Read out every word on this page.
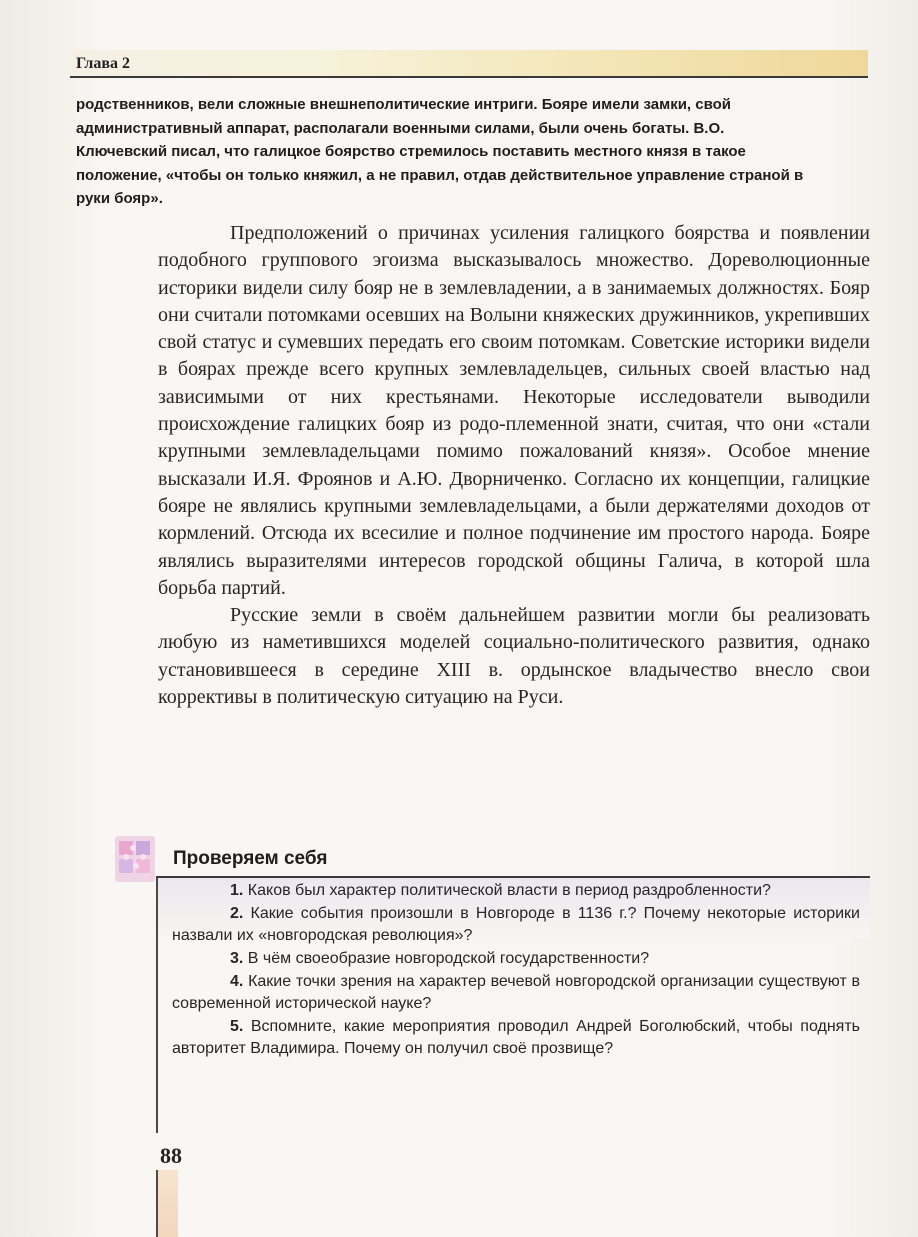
Глава 2

родственников, вели сложные внешнеполитические интриги. Бояре имели замки, свой административный аппарат, располагали военными силами, были очень богаты. В.О. Ключевский писал, что галицкое боярство стремилось поставить местного князя в такое положение, «чтобы он только княжил, а не правил, отдав действительное управление страной в руки бояр».

Предположений о причинах усиления галицкого боярства и появлении подобного группового эгоизма высказывалось множество. Дореволюционные историки видели силу бояр не в землевладении, а в занимаемых должностях. Бояр они считали потомками осевших на Волыни княжеских дружинников, укрепивших свой статус и сумевших передать его своим потомкам. Советские историки видели в боярах прежде всего крупных землевладельцев, сильных своей властью над зависимыми от них крестьянами. Некоторые исследователи выводили происхождение галицких бояр из родо-племенной знати, считая, что они «стали крупными землевладельцами помимо пожалований князя». Особое мнение высказали И.Я. Фроянов и А.Ю. Дворниченко. Согласно их концепции, галицкие бояре не являлись крупными землевладельцами, а были держателями доходов от кормлений. Отсюда их всесилие и полное подчинение им простого народа. Бояре являлись выразителями интересов городской общины Галича, в которой шла борьба партий.

Русские земли в своём дальнейшем развитии могли бы реализовать любую из наметившихся моделей социально-политического развития, однако установившееся в середине XIII в. ордынское владычество внесло свои коррективы в политическую ситуацию на Руси.

Проверяем себя

1. Каков был характер политической власти в период раздробленности?

2. Какие события произошли в Новгороде в 1136 г.? Почему некоторые историки назвали их «новгородская революция»?

3. В чём своеобразие новгородской государственности?

4. Какие точки зрения на характер вечевой новгородской организации существуют в современной исторической науке?

5. Вспомните, какие мероприятия проводил Андрей Боголюбский, чтобы поднять авторитет Владимира. Почему он получил своё прозвище?

88
